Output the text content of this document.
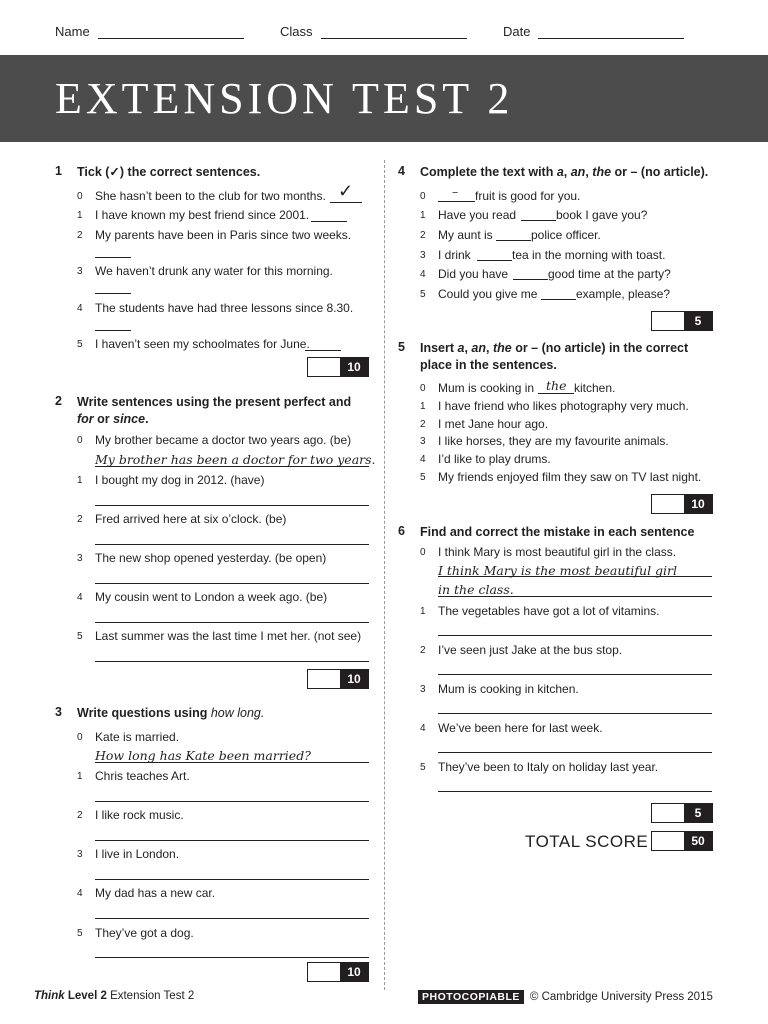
Name	Class	Date
EXTENSION TEST 2
1 Tick (✓) the correct sentences.
0 She hasn’t been to the club for two months. ✓
1 I have known my best friend since 2001.
2 My parents have been in Paris since two weeks.
3 We haven’t drunk any water for this morning.
4 The students have had three lessons since 8.30.
5 I haven’t seen my schoolmates for June.
10
2 Write sentences using the present perfect and
for or since.
0 My brother became a doctor two years ago. (be)
My brother has been a doctor for two years.
1 I bought my dog in 2012. (have)
2 Fred arrived here at six o’clock. (be)
3 The new shop opened yesterday. (be open)
4 My cousin went to London a week ago. (be)
5 Last summer was the last time I met her. (not see)
10
3 Write questions using how long.
0 Kate is married.
How long has Kate been married?
1 Chris teaches Art.
2 I like rock music.
3 I live in London.
4 My dad has a new car.
5 They’ve got a dog.
10
4 Complete the text with a, an, the or – (no article).
0 – fruit is good for you.
1 Have you read	book I gave you?
2 My aunt is	police officer.
3 I drink	tea in the morning with toast.
4 Did you have	good time at the party?
5 Could you give me	example, please?
5
5 Insert a, an, the or – (no article) in the correct
place in the sentences.
0 Mum is cooking in the kitchen.
1 I have friend who likes photography very much.
2 I met Jane hour ago.
3 I like horses, they are my favourite animals.
4 I’d like to play drums.
5 My friends enjoyed film they saw on TV last night.
10
6 Find and correct the mistake in each sentence
0 I think Mary is most beautiful girl in the class.
I think Mary is the most beautiful girl
in the class.
1 The vegetables have got a lot of vitamins.
2 I’ve seen just Jake at the bus stop.
3 Mum is cooking in kitchen.
4 We’ve been here for last week.
5 They’ve been to Italy on holiday last year.
5
TOTAL SCORE	50
Think Level 2 Extension Test 2	PHOTOCOPIABLE © Cambridge University Press 2015
